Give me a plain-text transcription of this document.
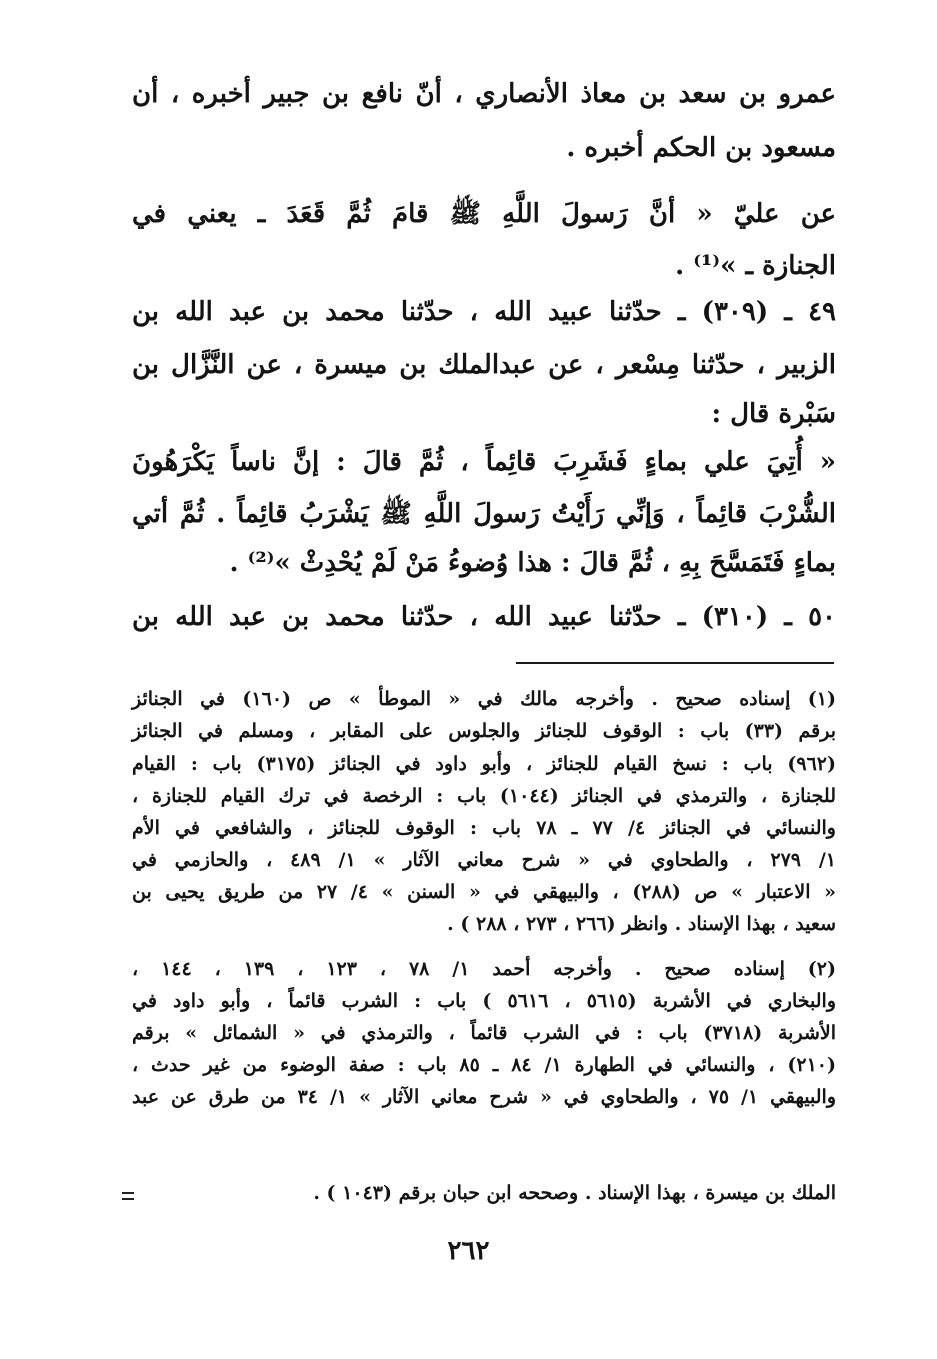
عمرو بن سعد بن معاذ الأنصاري ، أنّ نافع بن جبير أخبره ، أن
مسعود بن الحكم أخبره .
عن عليّ « أنَّ رَسولَ اللَّهِ ﷺ قامَ ثُمَّ قَعَدَ ـ يعني في
الجنازة ـ »⁽¹⁾ .
٤٩ ـ (٣٠٩) ـ حدّثنا عبيد الله ، حدّثنا محمد بن عبد الله بن
الزبير ، حدّثنا مِسْعر ، عن عبدالملك بن ميسرة ، عن النَّزَّال بن
سَبْرة قال :
« أُتِيَ علي بماءٍ فَشَرِبَ قائِماً ، ثُمَّ قالَ : إنَّ ناساً يَكْرَهُونَ
الشُّرْبَ قائِماً ، وَإنِّي رَأَيْتُ رَسولَ اللَّهِ ﷺ يَشْرَبُ قائِماً . ثُمَّ أتي
بماءٍ فَتَمَسَّحَ بِهِ ، ثُمَّ قالَ : هذا وُضوءُ مَنْ لَمْ يُحْدِثْ »⁽²⁾ .
٥٠ ـ (٣١٠) ـ حدّثنا عبيد الله ، حدّثنا محمد بن عبد الله بن
(١) إسناده صحيح . وأخرجه مالك في « الموطأ » ص (١٦٠) في الجنائز
برقم (٣٣) باب : الوقوف للجنائز والجلوس على المقابر ، ومسلم في الجنائز
(٩٦٢) باب : نسخ القيام للجنائز ، وأبو داود في الجنائز (٣١٧٥) باب : القيام
للجنازة ، والترمذي في الجنائز (١٠٤٤) باب : الرخصة في ترك القيام للجنازة ،
والنسائي في الجنائز ٤/ ٧٧ ـ ٧٨ باب : الوقوف للجنائز ، والشافعي في الأم
١/ ٢٧٩ ، والطحاوي في « شرح معاني الآثار » ١/ ٤٨٩ ، والحازمي في
« الاعتبار » ص (٢٨٨) ، والبيهقي في « السنن » ٤/ ٢٧ من طريق يحيى بن
سعيد ، بهذا الإسناد . وانظر (٢٦٦ ، ٢٧٣ ، ٢٨٨ ) .
(٢) إسناده صحيح . وأخرجه أحمد ١/ ٧٨ ، ١٢٣ ، ١٣٩ ، ١٤٤ ،
والبخاري في الأشربة (٥٦١٥ ، ٥٦١٦ ) باب : الشرب قائماً ، وأبو داود في
الأشربة (٣٧١٨) باب : في الشرب قائماً ، والترمذي في « الشمائل » برقم
(٢١٠) ، والنسائي في الطهارة ١/ ٨٤ ـ ٨٥ باب : صفة الوضوء من غير حدث ،
والبيهقي ١/ ٧٥ ، والطحاوي في « شرح معاني الآثار » ١/ ٣٤ من طرق عن عبد
الملك بن ميسرة ، بهذا الإسناد . وصححه ابن حبان برقم (١٠٤٣ ) .
٢٦٢
